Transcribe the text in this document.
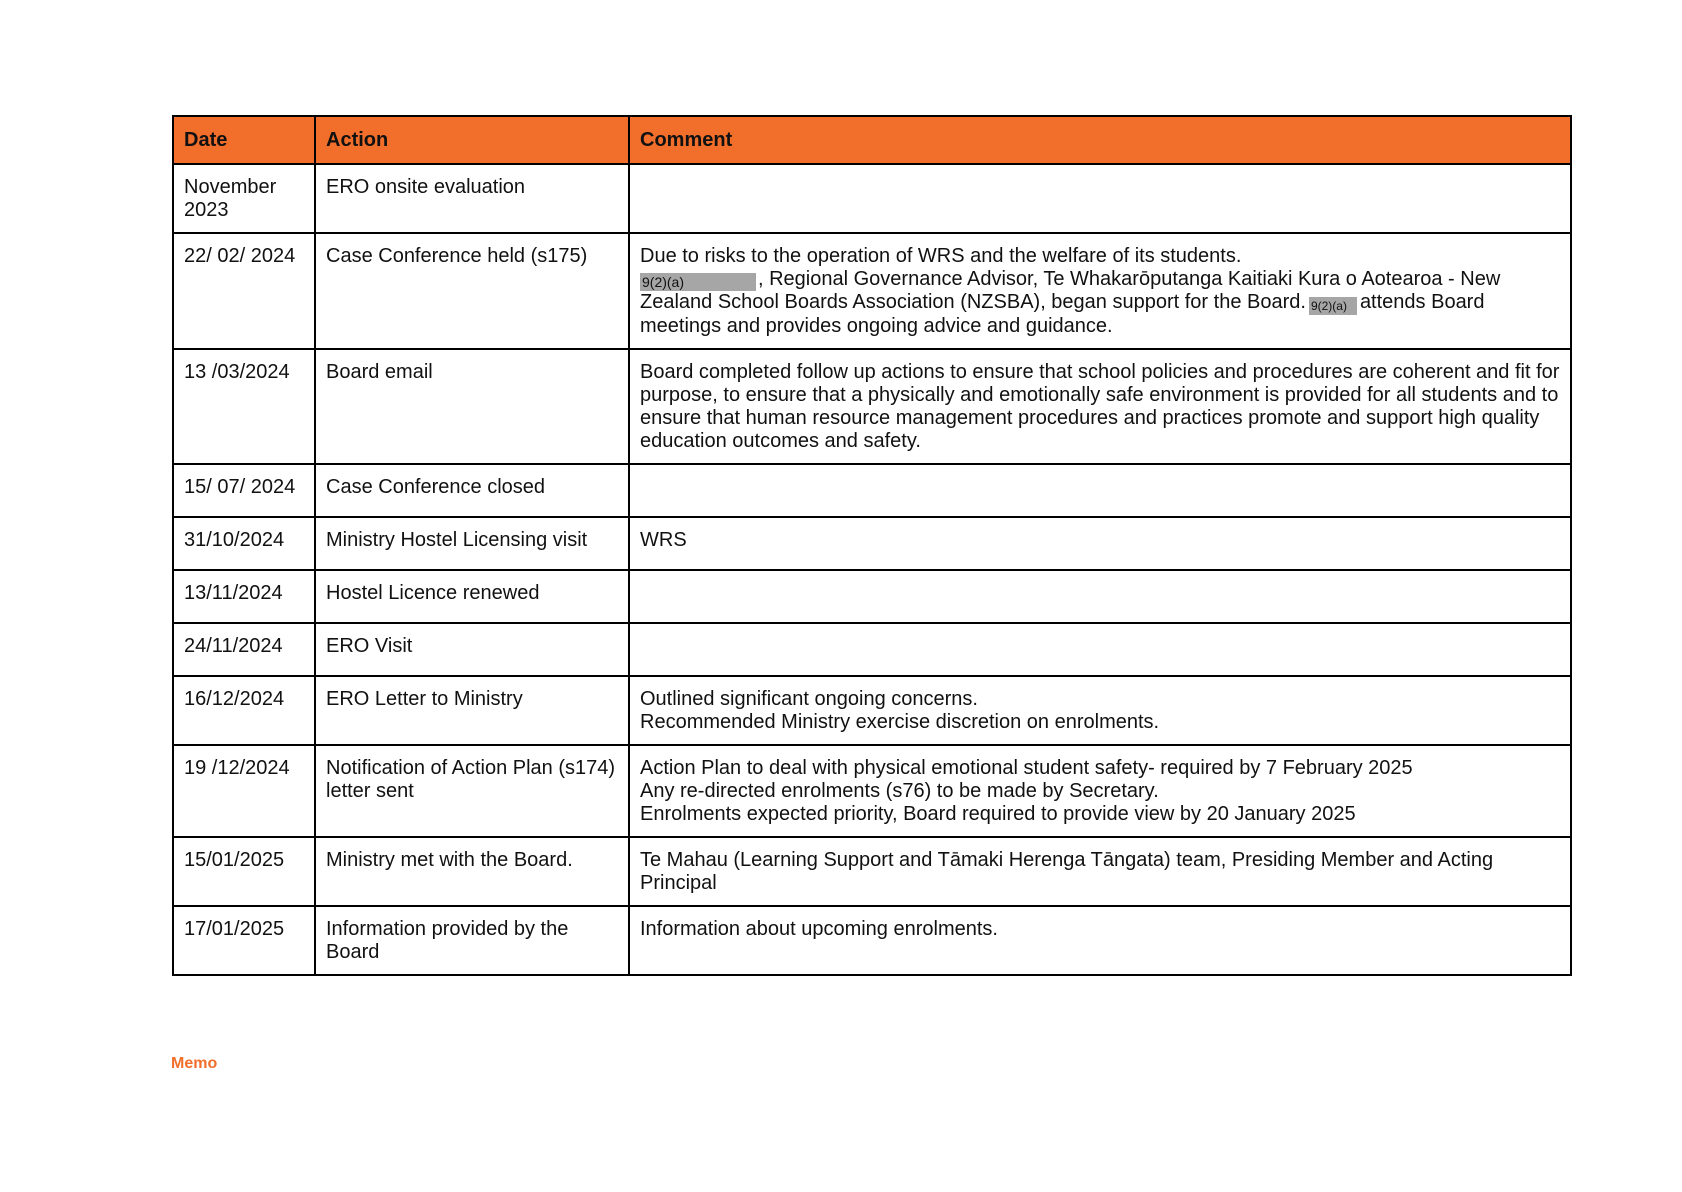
Date	Action	Comment
November 2023	ERO onsite evaluation	
22/ 02/ 2024	Case Conference held (s175)	Due to risks to the operation of WRS and the welfare of its students.
9(2)(a) , Regional Governance Advisor, Te Whakarōputanga Kaitiaki Kura o Aotearoa - New Zealand School Boards Association (NZSBA), began support for the Board. 9(2)(a) attends Board meetings and provides ongoing advice and guidance.
13 /03/2024	Board email	Board completed follow up actions to ensure that school policies and procedures are coherent and fit for purpose, to ensure that a physically and emotionally safe environment is provided for all students and to ensure that human resource management procedures and practices promote and support high quality education outcomes and safety.
15/ 07/ 2024	Case Conference closed	
31/10/2024	Ministry Hostel Licensing visit	WRS
13/11/2024	Hostel Licence renewed	
24/11/2024	ERO Visit	
16/12/2024	ERO Letter to Ministry	Outlined significant ongoing concerns.
Recommended Ministry exercise discretion on enrolments.

19 /12/2024	Notification of Action Plan (s174) letter sent	Action Plan to deal with physical emotional student safety- required by 7 February 2025
Any re-directed enrolments (s76) to be made by Secretary.
Enrolments expected priority, Board required to provide view by 20 January 2025

15/01/2025	Ministry met with the Board.	Te Mahau (Learning Support and Tāmaki Herenga Tāngata) team, Presiding Member and Acting Principal
17/01/2025	Information provided by the Board	Information about upcoming enrolments.
Memo
